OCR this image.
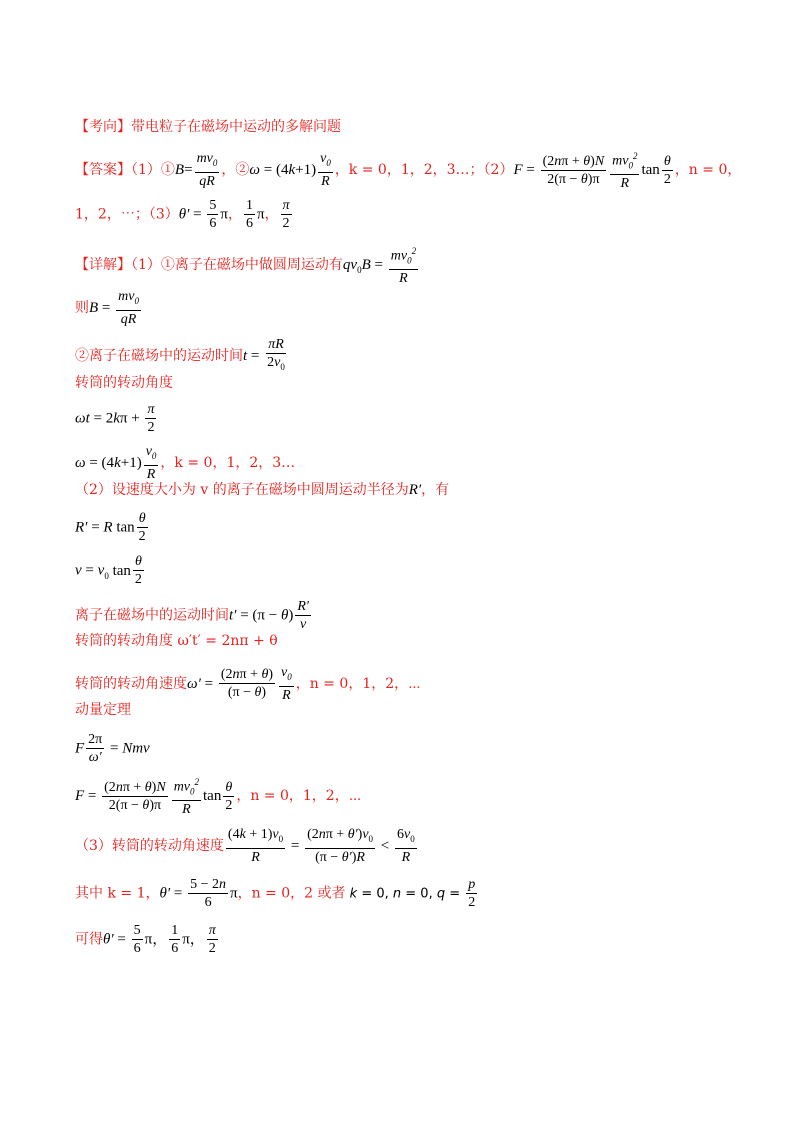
【考向】带电粒子在磁场中运动的多解问题
【答案】（1）①B= $\frac{mv_0}{qR}$ ，②ω = $(4k+1) \frac{v_0}{R}$ ，k = 0，1，2，3…；$(2)F = \frac{(2n\pi + \theta)N}{2(\pi - \theta)\pi} \frac{mv_0^2}{R}$ $\tan \frac{\theta}{2}$ ，n = 0，
1，2，⋯；$(3)\theta' = \frac{5}{6}$ π， $\frac{1}{6}$ π， $\frac{\pi}{2}$
【详解】（1）①离子在磁场中做圆周运动有$qv_0B = \frac{mv_0^2}{R}$
则$B = \frac{mv_0}{qR}$
②离子在磁场中的运动时间$t = \frac{\pi R}{2v_0}$
转筒的转动角度
$\omega t = 2k\pi + \frac{\pi}{2}$
$\omega = (4k+1) \frac{v_0}{R}$ ，k = 0，1，2，3…
（2）设速度大小为 v 的离子在磁场中圆周运动半径为R′，有
R′ = R $\tan \frac{\theta}{2}$
$v = v_0$ $\tan \frac{\theta}{2}$
离子在磁场中的运动时间$t' = (\pi - \theta) \frac{R'}{v}$
转筒的转动角度 ω′t′ = 2nπ + θ
转筒的转动角速度$\omega' = \frac{(2n\pi + \theta)}{(\pi - \theta)} \frac{v_0}{R}$ ，n = 0，1，2，⋯
动量定理
F $\frac{2\pi}{\omega'}$ = Nmv
$F = \frac{(2n\pi + \theta)N}{2(\pi - \theta)\pi} \frac{mv_0^2}{R}$ $\tan \frac{\theta}{2}$ ，n = 0，1，2，⋯
（3）转筒的转动角速度 $\frac{(4k + 1)v_0}{R} = \frac{(2n\pi + \theta')v_0}{(\pi - \theta')R} < \frac{6v_0}{R}$
其中 k = 1，$\theta' = \frac{5 - 2n}{6}$ π，n = 0，2 或者 k = 0, n = 0, $q = \frac{p}{2}$
可得$\theta' = \frac{5}{6}$ π， $\frac{1}{6}$ π， $\frac{\pi}{2}$
